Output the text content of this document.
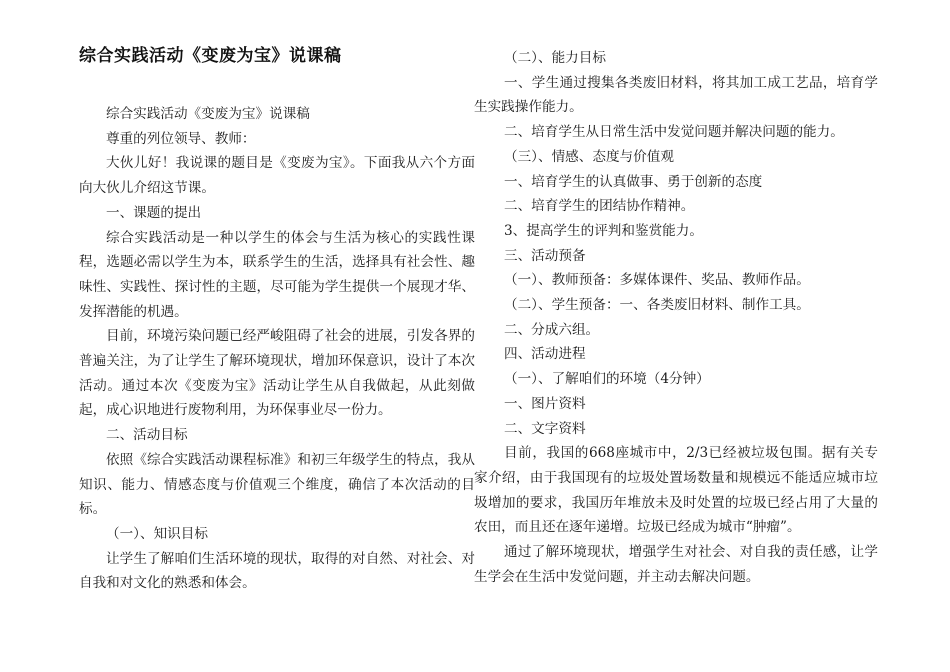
综合实践活动《变废为宝》说课稿

综合实践活动《变废为宝》说课稿

尊重的列位领导、教师：

大伙儿好！我说课的题目是《变废为宝》。下面我从六个方面向大伙儿介绍这节课。

一、课题的提出

综合实践活动是一种以学生的体会与生活为核心的实践性课程，选题必需以学生为本，联系学生的生活，选择具有社会性、趣味性、实践性、探讨性的主题，尽可能为学生提供一个展现才华、发挥潜能的机遇。

目前，环境污染问题已经严峻阻碍了社会的进展，引发各界的普遍关注，为了让学生了解环境现状，增加环保意识，设计了本次活动。通过本次《变废为宝》活动让学生从自我做起，从此刻做起，成心识地进行废物利用，为环保事业尽一份力。

二、活动目标

依照《综合实践活动课程标准》和初三年级学生的特点，我从知识、能力、情感态度与价值观三个维度，确信了本次活动的目标。

（一）、知识目标

让学生了解咱们生活环境的现状，取得的对自然、对社会、对自我和对文化的熟悉和体会。

（二）、能力目标

一、学生通过搜集各类废旧材料，将其加工成工艺品，培育学生实践操作能力。

二、培育学生从日常生活中发觉问题并解决问题的能力。

（三）、情感、态度与价值观

一、培育学生的认真做事、勇于创新的态度

二、培育学生的团结协作精神。

3、提高学生的评判和鉴赏能力。

三、活动预备

（一）、教师预备：多媒体课件、奖品、教师作品。

（二）、学生预备：一、各类废旧材料、制作工具。

二、分成六组。

四、活动进程

（一）、了解咱们的环境（4分钟）

一、图片资料

二、文字资料

目前，我国的668座城市中，2/3已经被垃圾包围。据有关专家介绍，由于我国现有的垃圾处置场数量和规模远不能适应城市垃圾增加的要求，我国历年堆放未及时处置的垃圾已经占用了大量的农田，而且还在逐年递增。垃圾已经成为城市“肿瘤”。

通过了解环境现状，增强学生对社会、对自我的责任感，让学生学会在生活中发觉问题，并主动去解决问题。
